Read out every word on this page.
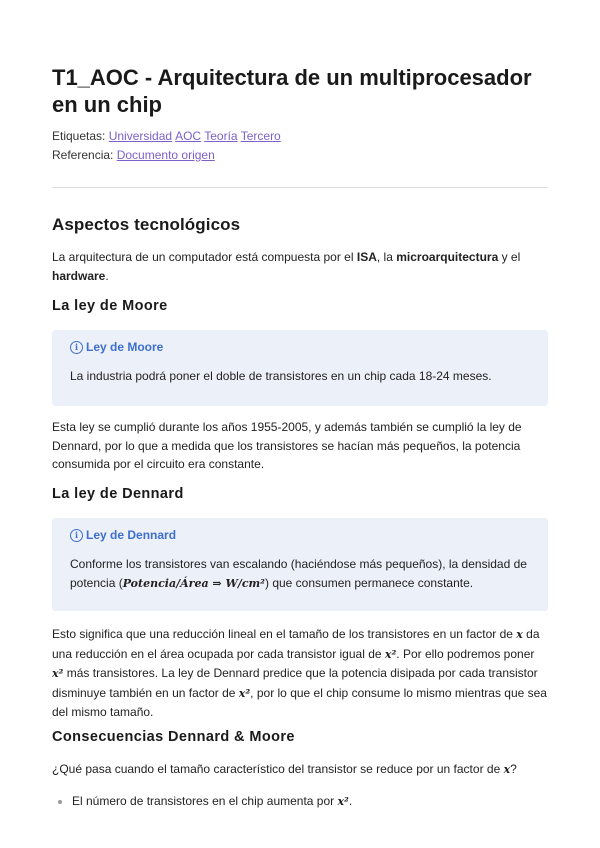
T1_AOC - Arquitectura de un multiprocesador en un chip
Etiquetas: Universidad AOC Teoría Tercero
Referencia: Documento origen
Aspectos tecnológicos

La arquitectura de un computador está compuesta por el ISA, la microarquitectura y el hardware.

La ley de Moore
i Ley de Moore
La industria podrá poner el doble de transistores en un chip cada 18-24 meses.

Esta ley se cumplió durante los años 1955-2005, y además también se cumplió la ley de Dennard, por lo que a medida que los transistores se hacían más pequeños, la potencia consumida por el circuito era constante.

La ley de Dennard
i Ley de Dennard
Conforme los transistores van escalando (haciéndose más pequeños), la densidad de potencia (Potencia/Área ⇒ W/cm²) que consumen permanece constante.

Esto significa que una reducción lineal en el tamaño de los transistores en un factor de x da una reducción en el área ocupada por cada transistor igual de x². Por ello podremos poner x² más transistores. La ley de Dennard predice que la potencia disipada por cada transistor disminuye también en un factor de x², por lo que el chip consume lo mismo mientras que sea del mismo tamaño.

Consecuencias Dennard & Moore

¿Qué pasa cuando el tamaño característico del transistor se reduce por un factor de x?

El número de transistores en el chip aumenta por x².
